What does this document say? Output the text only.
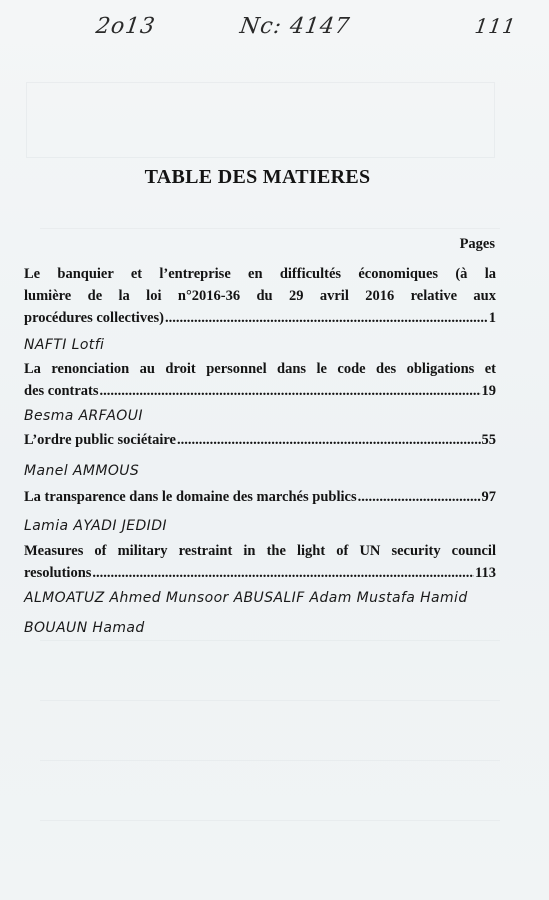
2o13	Nc: 4147	111
TABLE DES MATIERES
Pages
Le banquier et l’entreprise en difficultés économiques (à la
lumière de la loi n°2016-36 du 29 avril 2016 relative aux
procédures collectives) .....	1
NAFTI Lotfi
La renonciation au droit personnel dans le code des obligations et
des contrats .....	19
Besma ARFAOUI
L’ordre public sociétaire .....	55
Manel AMMOUS
La transparence dans le domaine des marchés publics .....	97
Lamia AYADI JEDIDI
Measures of military restraint in the light of UN security council
resolutions .....	113
ALMOATUZ Ahmed Munsoor ABUSALIF Adam Mustafa Hamid
BOUAUN Hamad
